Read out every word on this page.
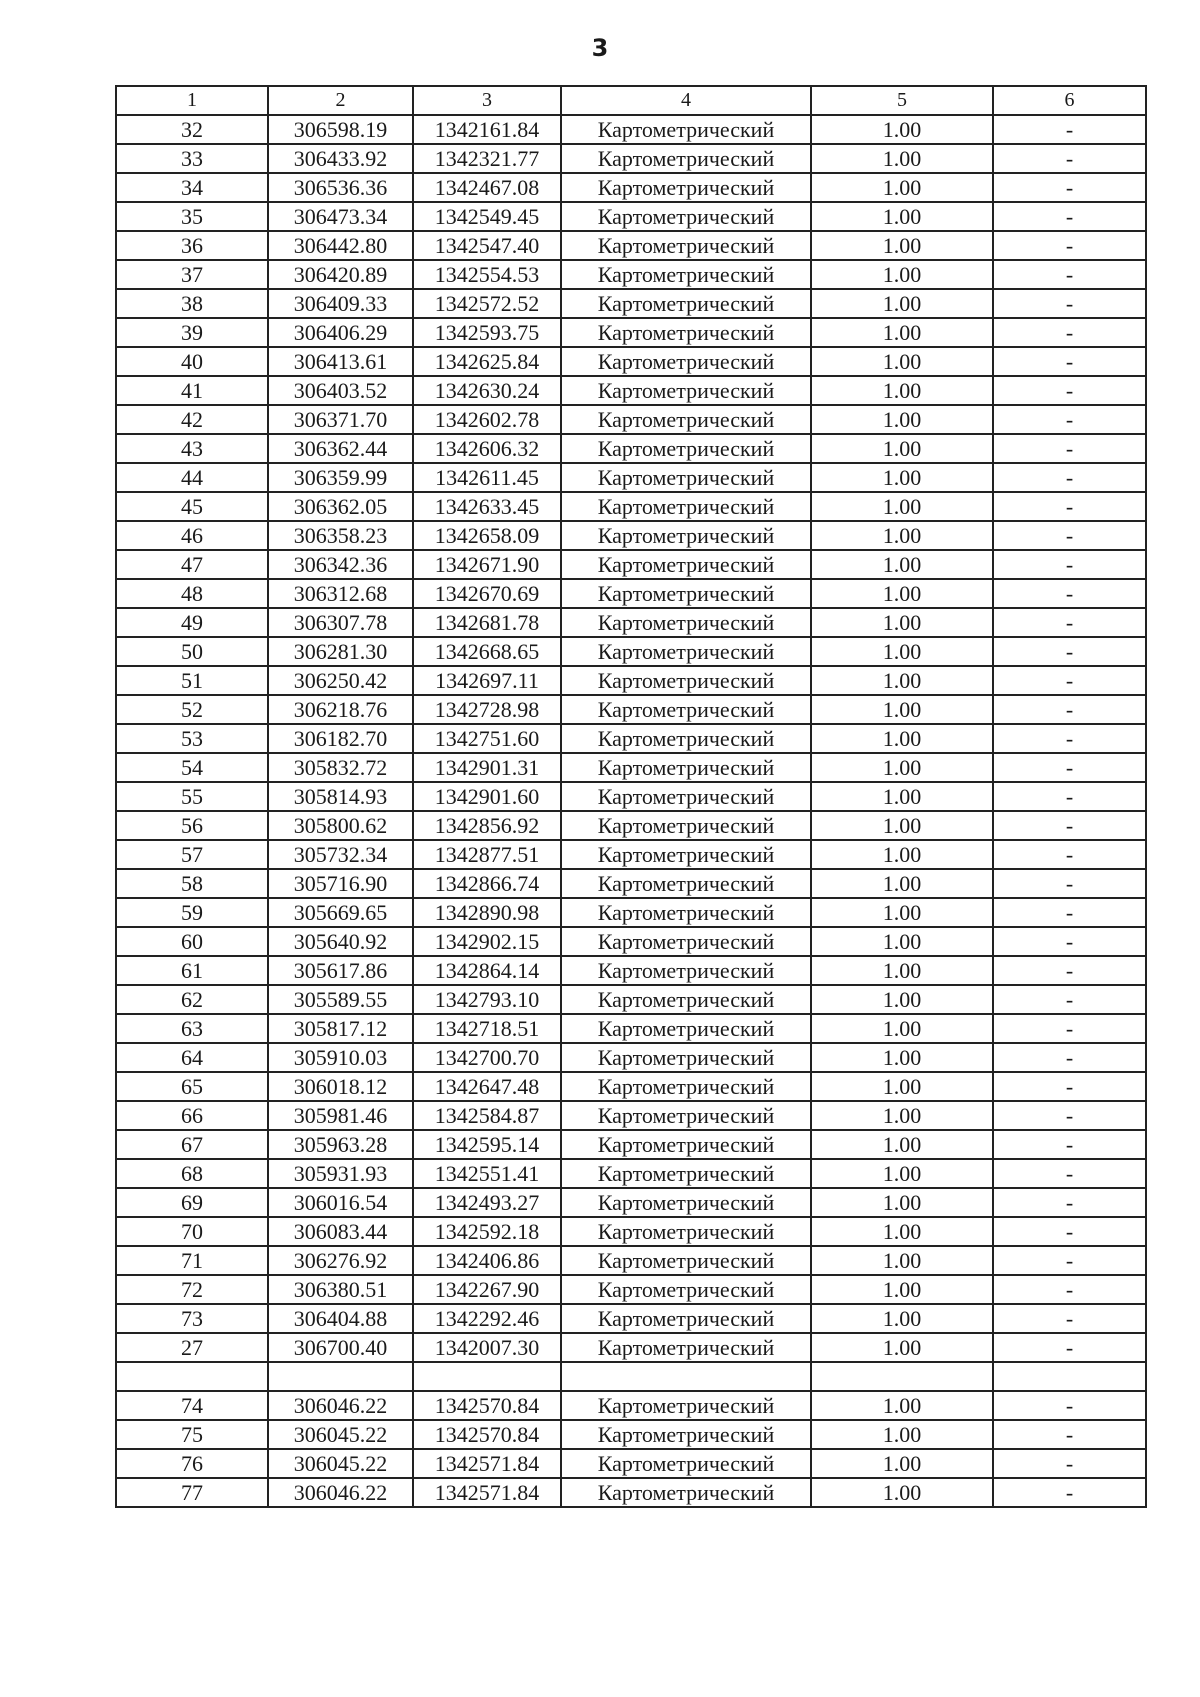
3
1	2	3	4	5	6
32	306598.19	1342161.84	Картометрический	1.00	-
33	306433.92	1342321.77	Картометрический	1.00	-
34	306536.36	1342467.08	Картометрический	1.00	-
35	306473.34	1342549.45	Картометрический	1.00	-
36	306442.80	1342547.40	Картометрический	1.00	-
37	306420.89	1342554.53	Картометрический	1.00	-
38	306409.33	1342572.52	Картометрический	1.00	-
39	306406.29	1342593.75	Картометрический	1.00	-
40	306413.61	1342625.84	Картометрический	1.00	-
41	306403.52	1342630.24	Картометрический	1.00	-
42	306371.70	1342602.78	Картометрический	1.00	-
43	306362.44	1342606.32	Картометрический	1.00	-
44	306359.99	1342611.45	Картометрический	1.00	-
45	306362.05	1342633.45	Картометрический	1.00	-
46	306358.23	1342658.09	Картометрический	1.00	-
47	306342.36	1342671.90	Картометрический	1.00	-
48	306312.68	1342670.69	Картометрический	1.00	-
49	306307.78	1342681.78	Картометрический	1.00	-
50	306281.30	1342668.65	Картометрический	1.00	-
51	306250.42	1342697.11	Картометрический	1.00	-
52	306218.76	1342728.98	Картометрический	1.00	-
53	306182.70	1342751.60	Картометрический	1.00	-
54	305832.72	1342901.31	Картометрический	1.00	-
55	305814.93	1342901.60	Картометрический	1.00	-
56	305800.62	1342856.92	Картометрический	1.00	-
57	305732.34	1342877.51	Картометрический	1.00	-
58	305716.90	1342866.74	Картометрический	1.00	-
59	305669.65	1342890.98	Картометрический	1.00	-
60	305640.92	1342902.15	Картометрический	1.00	-
61	305617.86	1342864.14	Картометрический	1.00	-
62	305589.55	1342793.10	Картометрический	1.00	-
63	305817.12	1342718.51	Картометрический	1.00	-
64	305910.03	1342700.70	Картометрический	1.00	-
65	306018.12	1342647.48	Картометрический	1.00	-
66	305981.46	1342584.87	Картометрический	1.00	-
67	305963.28	1342595.14	Картометрический	1.00	-
68	305931.93	1342551.41	Картометрический	1.00	-
69	306016.54	1342493.27	Картометрический	1.00	-
70	306083.44	1342592.18	Картометрический	1.00	-
71	306276.92	1342406.86	Картометрический	1.00	-
72	306380.51	1342267.90	Картометрический	1.00	-
73	306404.88	1342292.46	Картометрический	1.00	-
27	306700.40	1342007.30	Картометрический	1.00	-

74	306046.22	1342570.84	Картометрический	1.00	-
75	306045.22	1342570.84	Картометрический	1.00	-
76	306045.22	1342571.84	Картометрический	1.00	-
77	306046.22	1342571.84	Картометрический	1.00	-
